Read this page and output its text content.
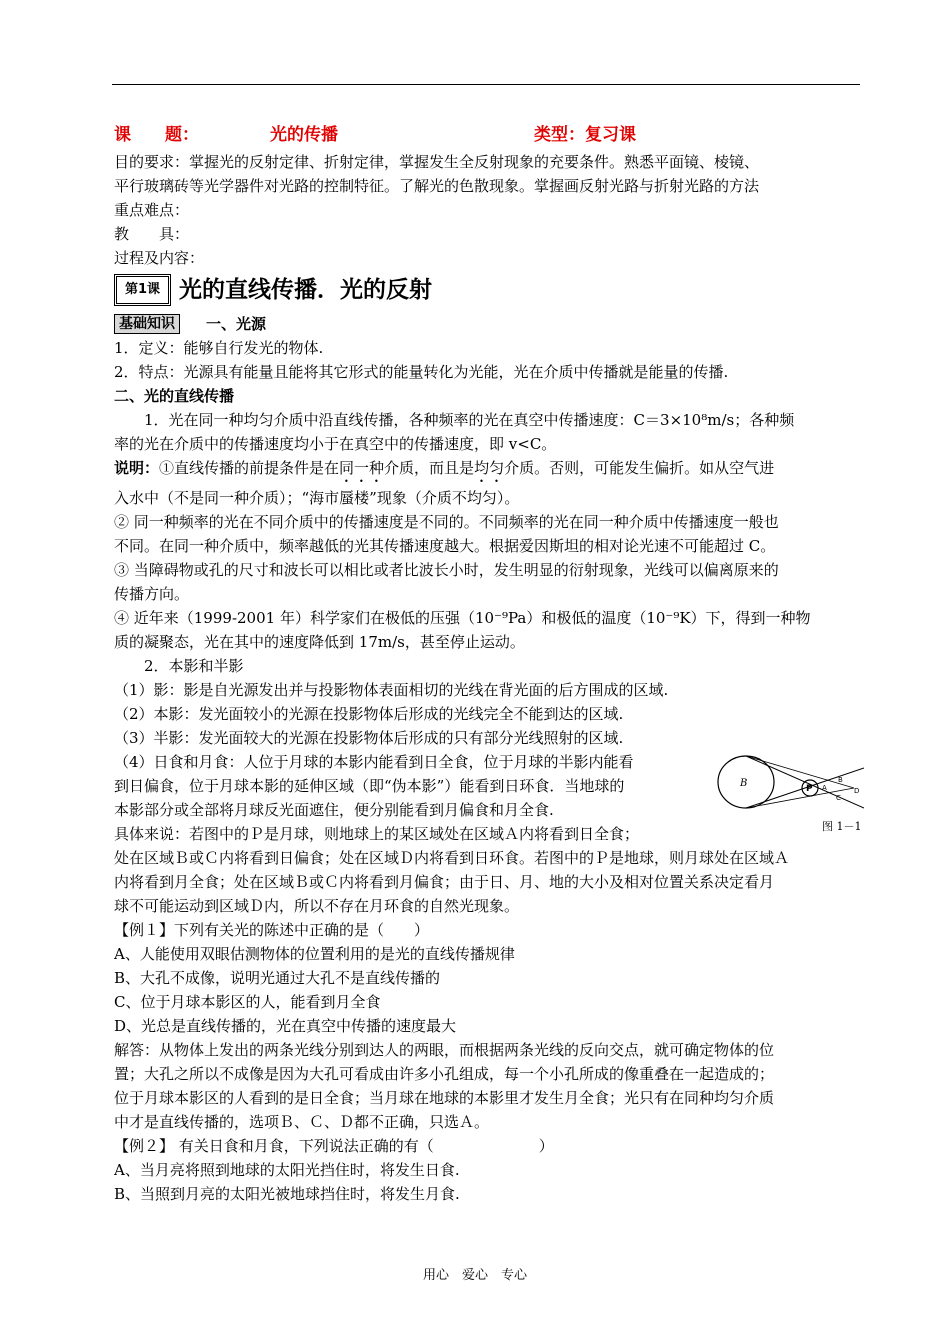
课　　题：	光的传播	类型：复习课

目的要求：掌握光的反射定律、折射定律，掌握发生全反射现象的充要条件。熟悉平面镜、棱镜、

平行玻璃砖等光学器件对光路的控制特征。了解光的色散现象。掌握画反射光路与折射光路的方法

重点难点：

教　　具：

过程及内容：

第1课 光的直线传播．光的反射
基础知识	一、光源

1．定义：能够自行发光的物体.

2．特点：光源具有能量且能将其它形式的能量转化为光能，光在介质中传播就是能量的传播.

二、光的直线传播

1．光在同一种均匀介质中沿直线传播，各种频率的光在真空中传播速度：C＝3×10⁸m/s；各种频

率的光在介质中的传播速度均小于在真空中的传播速度，即 v<C。

说明：①直线传播的前提条件是在同一种介质，而且是均匀介质。否则，可能发生偏折。如从空气进

入水中（不是同一种介质）；“海市蜃楼”现象（介质不均匀）。

② 同一种频率的光在不同介质中的传播速度是不同的。不同频率的光在同一种介质中传播速度一般也

不同。在同一种介质中，频率越低的光其传播速度越大。根据爱因斯坦的相对论光速不可能超过 C。

③ 当障碍物或孔的尺寸和波长可以相比或者比波长小时，发生明显的衍射现象，光线可以偏离原来的

传播方向。

④ 近年来（1999-2001 年）科学家们在极低的压强（10⁻⁹Pa）和极低的温度（10⁻⁹K）下，得到一种物

质的凝聚态，光在其中的速度降低到 17m/s，甚至停止运动。

2．本影和半影

（1）影：影是自光源发出并与投影物体表面相切的光线在背光面的后方围成的区域.

（2）本影：发光面较小的光源在投影物体后形成的光线完全不能到达的区域.

（3）半影：发光面较大的光源在投影物体后形成的只有部分光线照射的区域.

B	P A
B
C
D
图 1－1

（4）日食和月食：人位于月球的本影内能看到日全食，位于月球的半影内能看

到日偏食，位于月球本影的延伸区域（即“伪本影”）能看到日环食．当地球的

本影部分或全部将月球反光面遮住，便分别能看到月偏食和月全食.

具体来说：若图中的Ｐ是月球，则地球上的某区域处在区域Ａ内将看到日全食；

处在区域Ｂ或Ｃ内将看到日偏食；处在区域Ｄ内将看到日环食。若图中的Ｐ是地球，则月球处在区域Ａ

内将看到月全食；处在区域Ｂ或Ｃ内将看到月偏食；由于日、月、地的大小及相对位置关系决定看月

球不可能运动到区域Ｄ内，所以不存在月环食的自然光现象。

【例１】下列有关光的陈述中正确的是（　　）

A、人能使用双眼估测物体的位置利用的是光的直线传播规律

B、大孔不成像，说明光通过大孔不是直线传播的

C、位于月球本影区的人，能看到月全食

D、光总是直线传播的，光在真空中传播的速度最大

解答：从物体上发出的两条光线分别到达人的两眼，而根据两条光线的反向交点，就可确定物体的位

置；大孔之所以不成像是因为大孔可看成由许多小孔组成，每一个小孔所成的像重叠在一起造成的；

位于月球本影区的人看到的是日全食；当月球在地球的本影里才发生月全食；光只有在同种均匀介质

中才是直线传播的，选项Ｂ、Ｃ、Ｄ都不正确，只选Ａ。

【例２】 有关日食和月食，下列说法正确的有（　　　　　　　）

A、当月亮将照到地球的太阳光挡住时，将发生日食.

B、当照到月亮的太阳光被地球挡住时，将发生月食.

用心　爱心　专心
